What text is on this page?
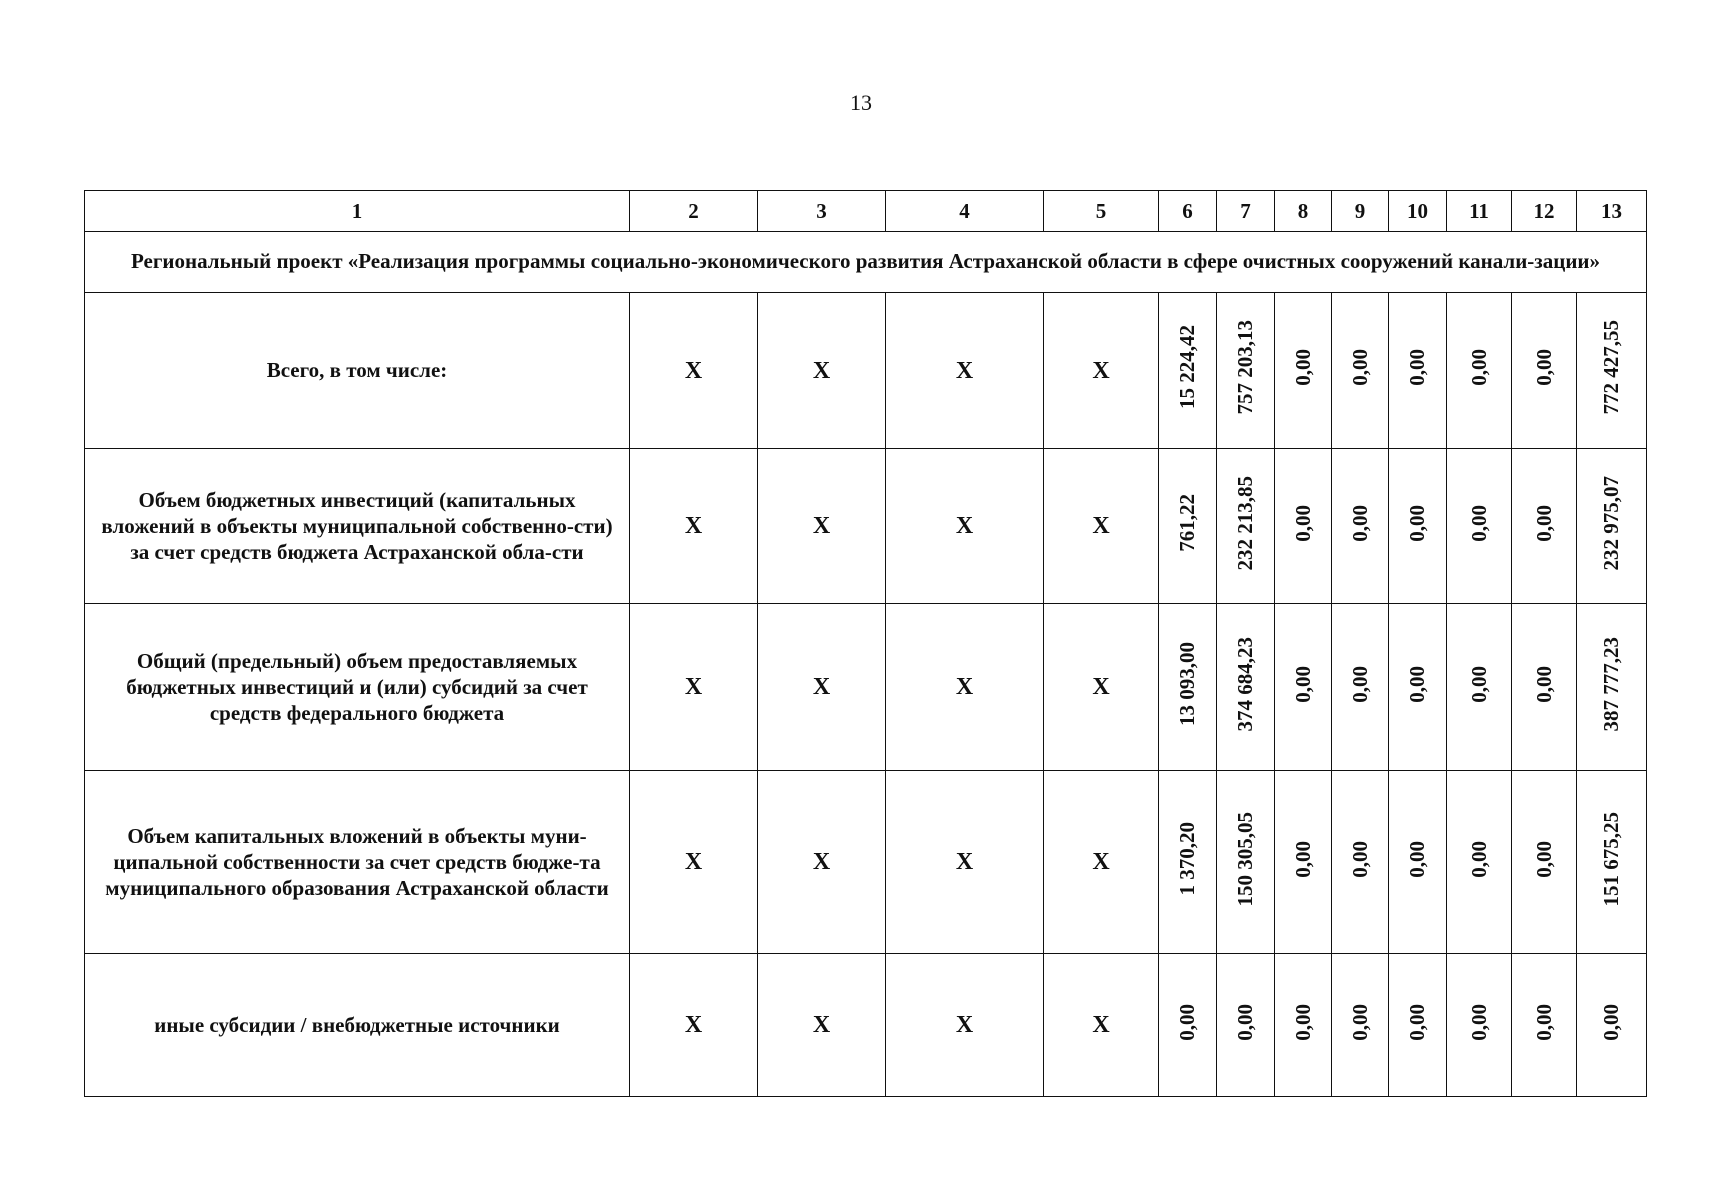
13
1	2	3	4	5	6	7	8	9	10	11	12	13
Региональный проект «Реализация программы социально-экономического развития Астраханской области в сфере очистных сооружений канали-зации»												
Всего, в том числе:	Х	Х	Х	Х	15 224,42	757 203,13	0,00	0,00	0,00	0,00	0,00	772 427,55
Объем бюджетных инвестиций (капитальных вложений в объекты муниципальной собственно-сти) за счет средств бюджета Астраханской обла-сти	Х	Х	Х	Х	761,22	232 213,85	0,00	0,00	0,00	0,00	0,00	232 975,07
Общий (предельный) объем предоставляемых бюджетных инвестиций и (или) субсидий за счет средств федерального бюджета	Х	Х	Х	Х	13 093,00	374 684,23	0,00	0,00	0,00	0,00	0,00	387 777,23
Объем капитальных вложений в объекты муни-ципальной собственности за счет средств бюдже-та муниципального образования Астраханской области	Х	Х	Х	Х	1 370,20	150 305,05	0,00	0,00	0,00	0,00	0,00	151 675,25
иные субсидии / внебюджетные источники	Х	Х	Х	Х	0,00	0,00	0,00	0,00	0,00	0,00	0,00	0,00
